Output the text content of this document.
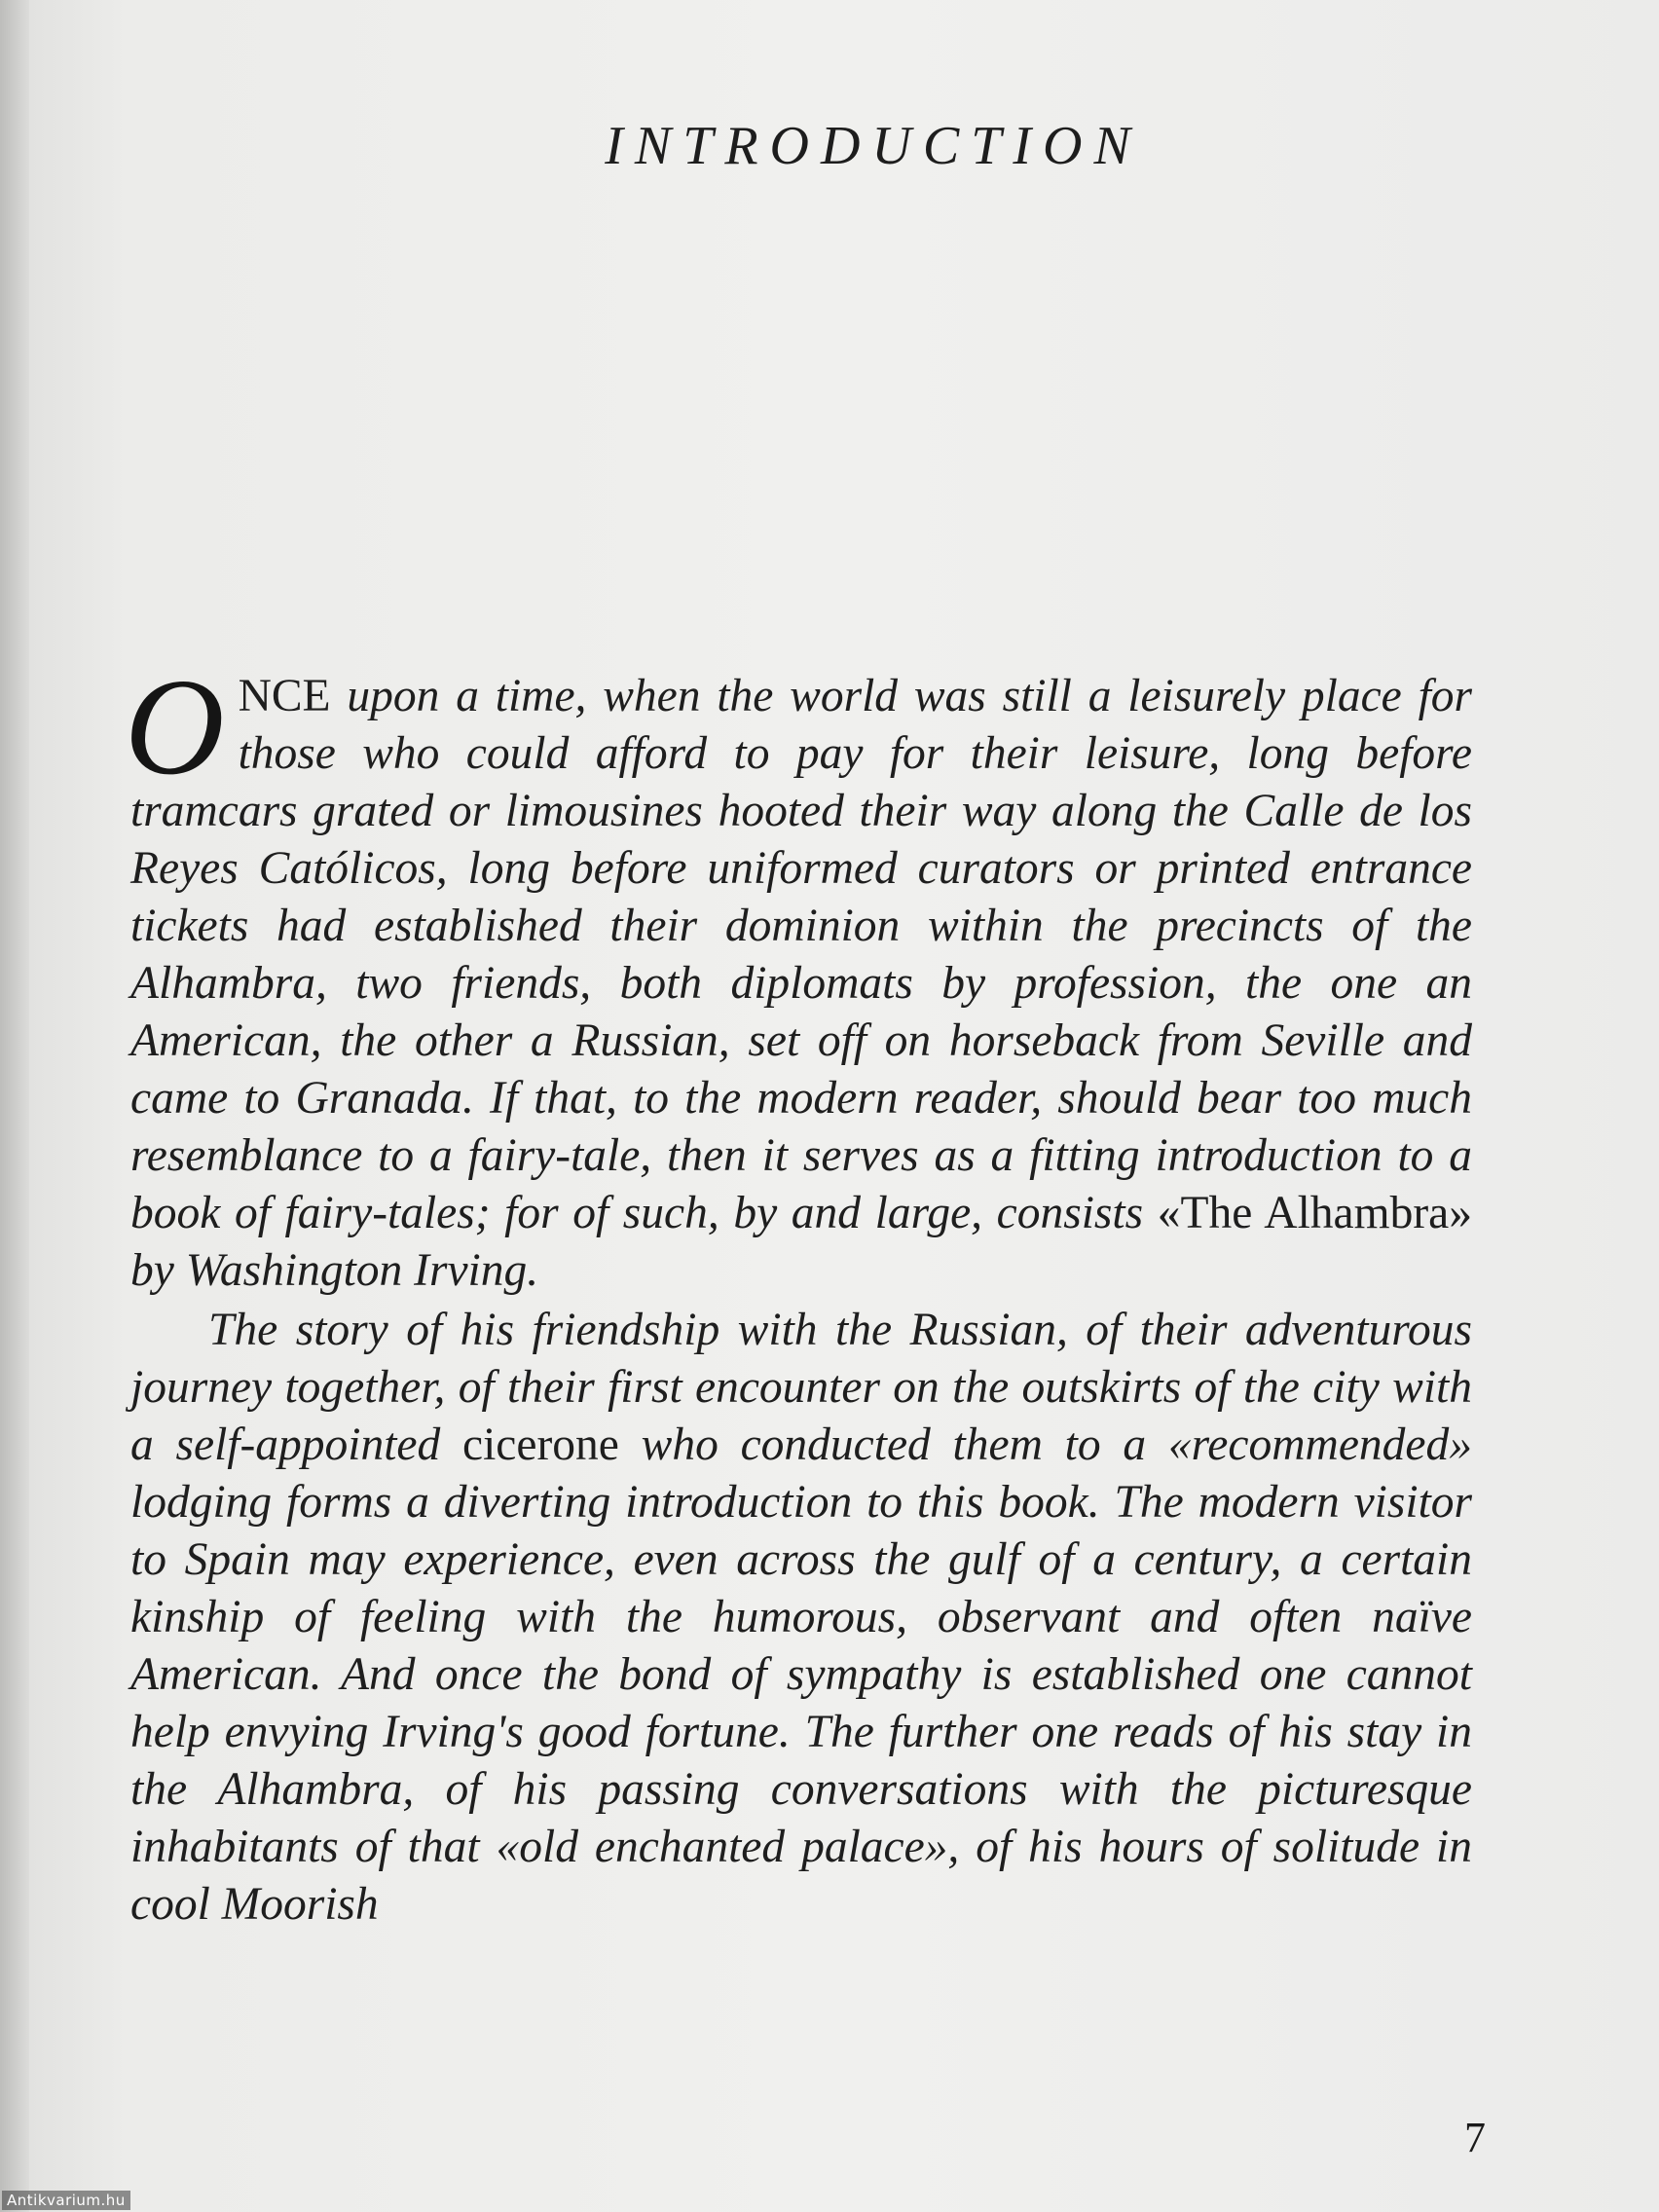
INTRODUCTION

ONCE upon a time, when the world was still a leisurely place for those who could afford to pay for their leisure, long before tramcars grated or limousines hooted their way along the Calle de los Reyes Católicos, long before uniformed curators or printed entrance tickets had established their dominion within the precincts of the Alhambra, two friends, both diplomats by profession, the one an American, the other a Russian, set off on horseback from Seville and came to Granada. If that, to the modern reader, should bear too much resemblance to a fairy-tale, then it serves as a fitting introduction to a book of fairy-tales; for of such, by and large, consists «The Alhambra» by Washington Irving.

The story of his friendship with the Russian, of their adventurous journey together, of their first encounter on the outskirts of the city with a self-appointed cicerone who conducted them to a «recommended» lodging forms a diverting introduction to this book. The modern visitor to Spain may experience, even across the gulf of a century, a certain kinship of feeling with the humorous, observant and often naïve American. And once the bond of sympathy is established one cannot help envying Irving's good fortune. The further one reads of his stay in the Alhambra, of his passing conversations with the picturesque inhabitants of that «old enchanted palace», of his hours of solitude in cool Moorish

7

Antikvarium.hu
